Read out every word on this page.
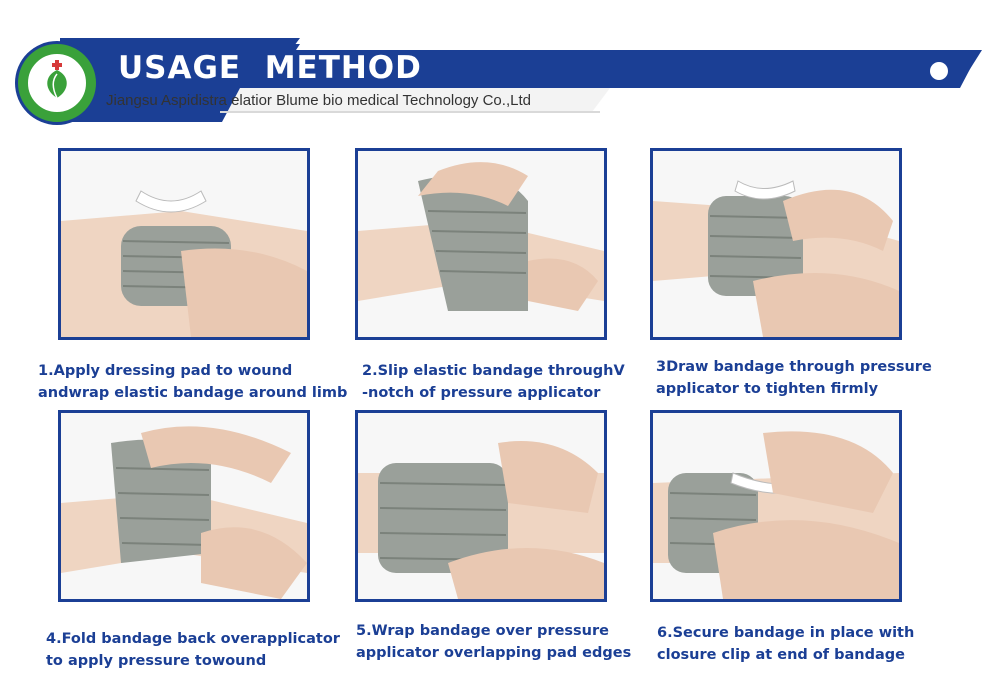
USAGE  METHOD
Jiangsu Aspidistra elatior Blume bio medical Technology Co.,Ltd
1.Apply dressing pad to wound
andwrap elastic bandage around limb
2.Slip elastic bandage throughV
-notch of pressure applicator
3Draw bandage through pressure
applicator to tighten firmly
4.Fold bandage back overapplicator
to apply pressure towound
5.Wrap bandage over pressure
applicator overlapping pad edges
6.Secure bandage in place with
closure clip at end of bandage
